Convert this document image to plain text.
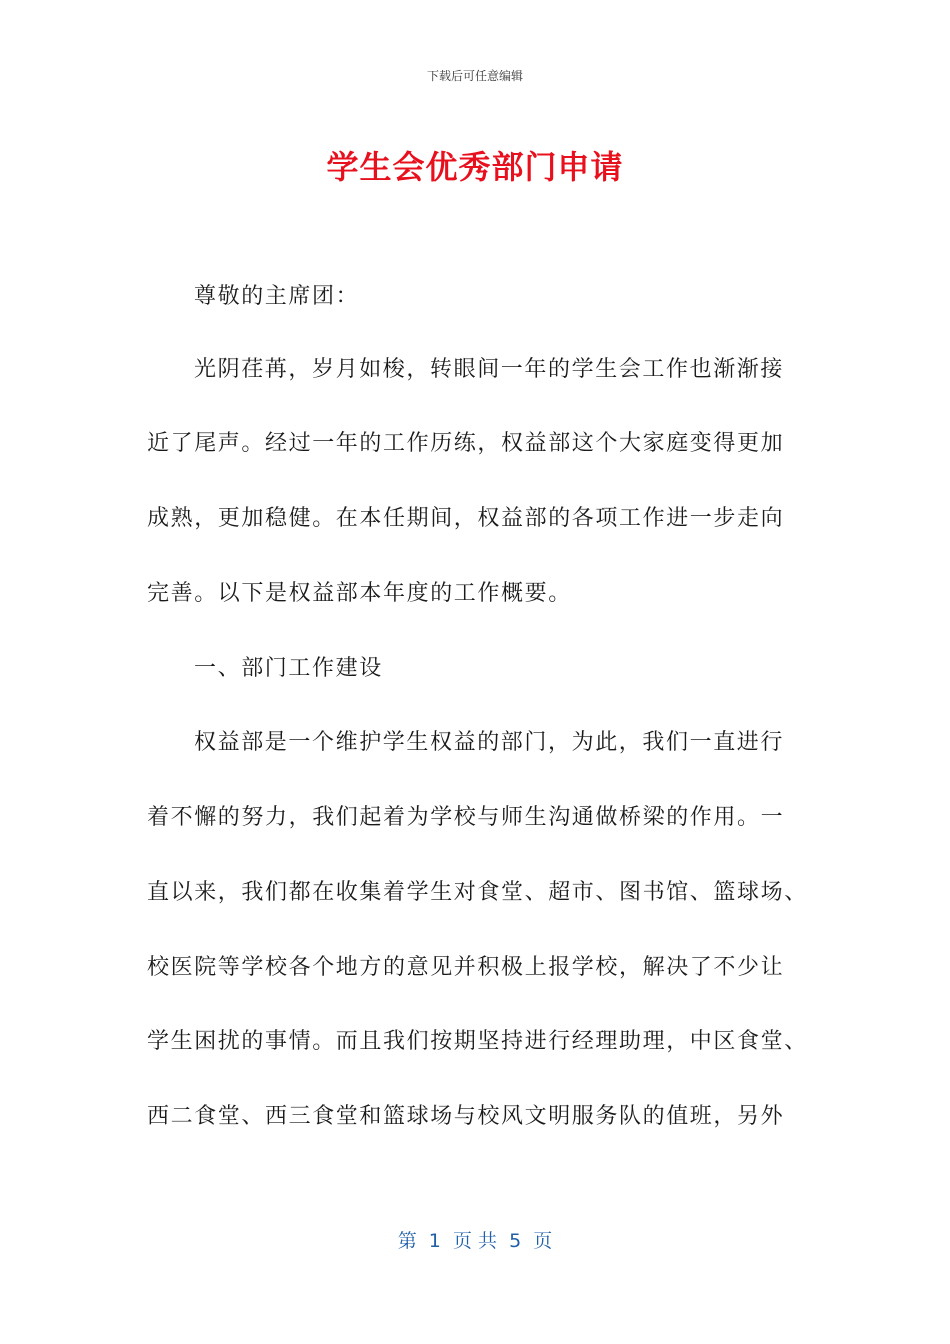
下载后可任意编辑
学生会优秀部门申请
尊敬的主席团：
光阴荏苒，岁月如梭，转眼间一年的学生会工作也渐渐接
近了尾声。经过一年的工作历练，权益部这个大家庭变得更加
成熟，更加稳健。在本任期间，权益部的各项工作进一步走向
完善。以下是权益部本年度的工作概要。
一、部门工作建设
权益部是一个维护学生权益的部门，为此，我们一直进行
着不懈的努力，我们起着为学校与师生沟通做桥梁的作用。一
直以来，我们都在收集着学生对食堂、超市、图书馆、篮球场、
校医院等学校各个地方的意见并积极上报学校，解决了不少让
学生困扰的事情。而且我们按期坚持进行经理助理，中区食堂、
西二食堂、西三食堂和篮球场与校风文明服务队的值班，另外
第  1  页 共  5  页
